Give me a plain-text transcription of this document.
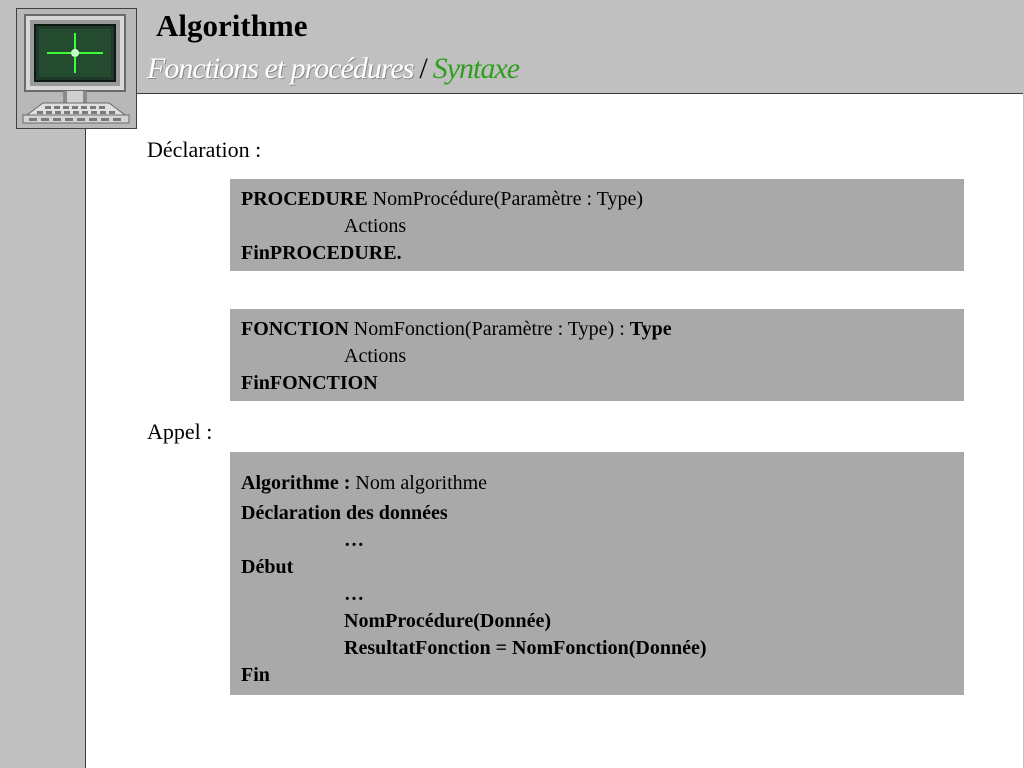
Algorithme
Fonctions et procédures / Syntaxe
Déclaration :
PROCEDURE NomProcédure(Paramètre : Type)
Actions
FinPROCEDURE.
FONCTION NomFonction(Paramètre : Type) : Type
Actions
FinFONCTION
Appel :
Algorithme : Nom algorithme
Déclaration des données
…
Début
…
NomProcédure(Donnée)
ResultatFonction = NomFonction(Donnée)
Fin
